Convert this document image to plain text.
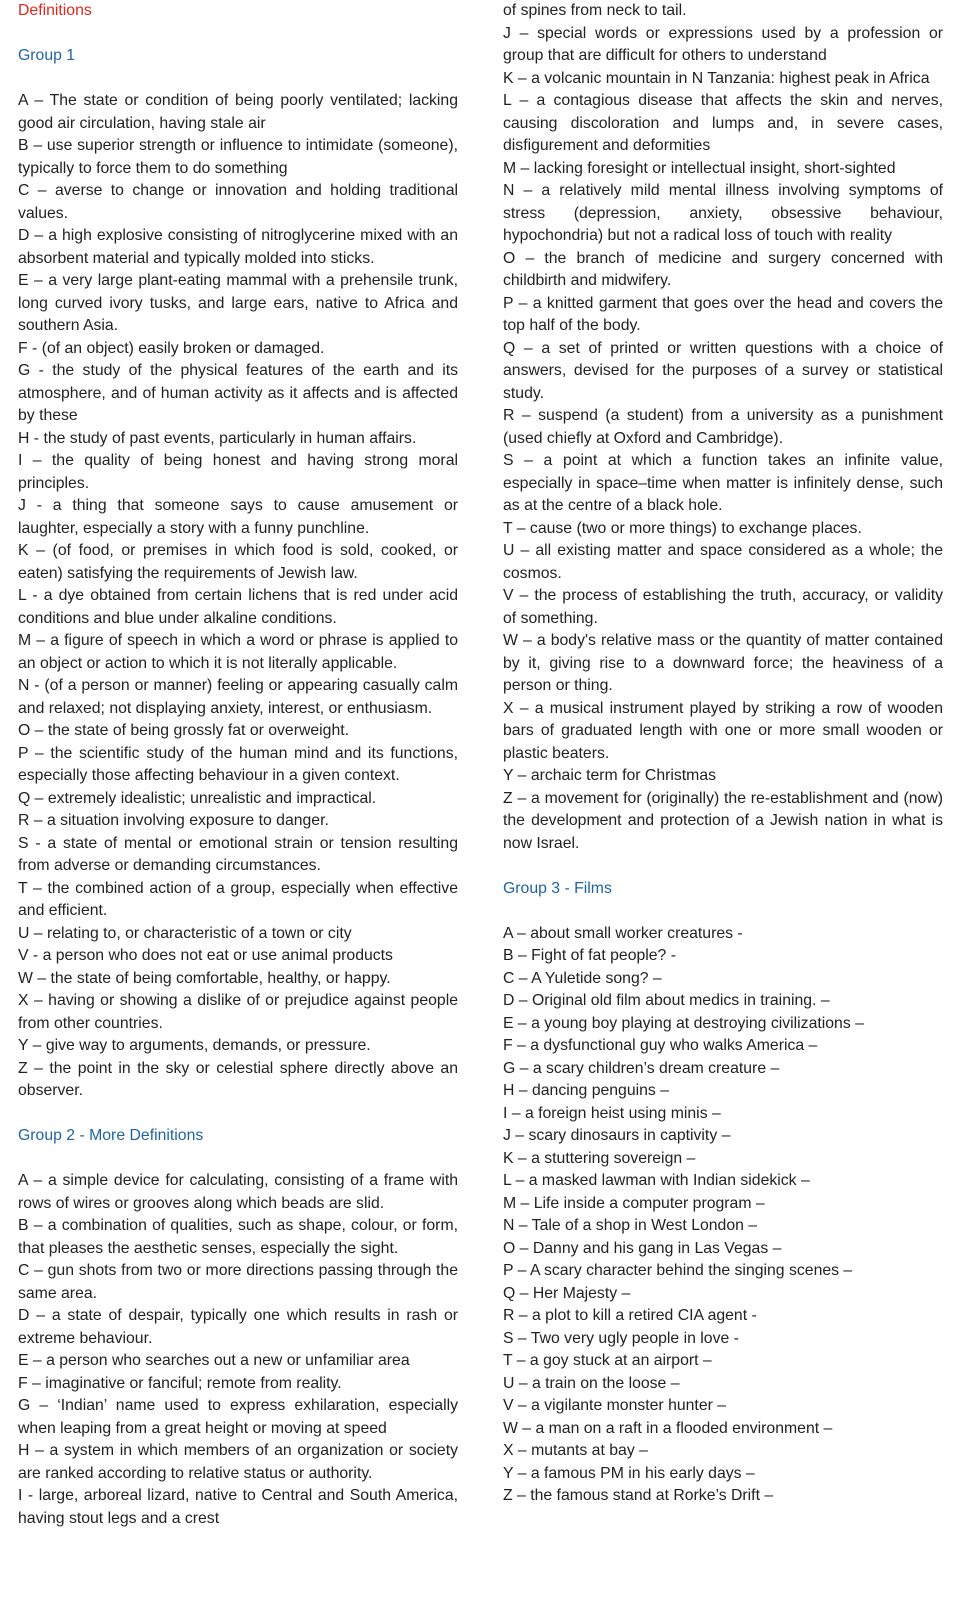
Definitions

Group 1

A – The state or condition of being poorly ventilated; lacking good air circulation, having stale air

B – use superior strength or influence to intimidate (someone), typically to force them to do something

C – averse to change or innovation and holding traditional values.

D – a high explosive consisting of nitroglycerine mixed with an absorbent material and typically molded into sticks.

E – a very large plant-eating mammal with a prehensile trunk, long curved ivory tusks, and large ears, native to Africa and southern Asia.

F - (of an object) easily broken or damaged.

G - the study of the physical features of the earth and its atmosphere, and of human activity as it affects and is affected by these

H - the study of past events, particularly in human affairs.

I – the quality of being honest and having strong moral principles.

J - a thing that someone says to cause amusement or laughter, especially a story with a funny punchline.

K – (of food, or premises in which food is sold, cooked, or eaten) satisfying the requirements of Jewish law.

L - a dye obtained from certain lichens that is red under acid conditions and blue under alkaline conditions.

M – a figure of speech in which a word or phrase is applied to an object or action to which it is not literally applicable.

N - (of a person or manner) feeling or appearing casually calm and relaxed; not displaying anxiety, interest, or enthusiasm.

O – the state of being grossly fat or overweight.

P – the scientific study of the human mind and its functions, especially those affecting behaviour in a given context.

Q – extremely idealistic; unrealistic and impractical.

R – a situation involving exposure to danger.

S - a state of mental or emotional strain or tension resulting from adverse or demanding circumstances.

T – the combined action of a group, especially when effective and efficient.

U – relating to, or characteristic of a town or city

V - a person who does not eat or use animal products

W – the state of being comfortable, healthy, or happy.

X – having or showing a dislike of or prejudice against people from other countries.

Y – give way to arguments, demands, or pressure.

Z – the point in the sky or celestial sphere directly above an observer.

Group 2 - More Definitions

A – a simple device for calculating, consisting of a frame with rows of wires or grooves along which beads are slid.

B – a combination of qualities, such as shape, colour, or form, that pleases the aesthetic senses, especially the sight.

C – gun shots from two or more directions passing through the same area.

D – a state of despair, typically one which results in rash or extreme behaviour.

E – a person who searches out a new or unfamiliar area

F – imaginative or fanciful; remote from reality.

G – ‘Indian’ name used to express exhilaration, especially when leaping from a great height or moving at speed

H – a system in which members of an organization or society are ranked according to relative status or authority.

I - large, arboreal lizard, native to Central and South America, having stout legs and a crest

of spines from neck to tail.

J – special words or expressions used by a profession or group that are difficult for others to understand

K – a volcanic mountain in N Tanzania: highest peak in Africa

L – a contagious disease that affects the skin and nerves, causing discoloration and lumps and, in severe cases, disfigurement and deformities

M – lacking foresight or intellectual insight, short-sighted

N – a relatively mild mental illness involving symptoms of stress (depression, anxiety, obsessive behaviour, hypochondria) but not a radical loss of touch with reality

O – the branch of medicine and surgery concerned with childbirth and midwifery.

P – a knitted garment that goes over the head and covers the top half of the body.

Q – a set of printed or written questions with a choice of answers, devised for the purposes of a survey or statistical study.

R – suspend (a student) from a university as a punishment (used chiefly at Oxford and Cambridge).

S – a point at which a function takes an infinite value, especially in space–time when matter is infinitely dense, such as at the centre of a black hole.

T – cause (two or more things) to exchange places.

U – all existing matter and space considered as a whole; the cosmos.

V – the process of establishing the truth, accuracy, or validity of something.

W – a body's relative mass or the quantity of matter contained by it, giving rise to a downward force; the heaviness of a person or thing.

X – a musical instrument played by striking a row of wooden bars of graduated length with one or more small wooden or plastic beaters.

Y – archaic term for Christmas

Z – a movement for (originally) the re-establishment and (now) the development and protection of a Jewish nation in what is now Israel.

Group 3 - Films

A – about small worker creatures -

B – Fight of fat people? -

C – A Yuletide song? –

D – Original old film about medics in training. –

E – a young boy playing at destroying civilizations –

F – a dysfunctional guy who walks America –

G – a scary children’s dream creature –

H – dancing penguins –

I – a foreign heist using minis –

J – scary dinosaurs in captivity –

K – a stuttering sovereign –

L – a masked lawman with Indian sidekick –

M – Life inside a computer program –

N – Tale of a shop in West London –

O – Danny and his gang in Las Vegas –

P – A scary character behind the singing scenes –

Q – Her Majesty –

R – a plot to kill a retired CIA agent -

S – Two very ugly people in love -

T – a goy stuck at an airport –

U – a train on the loose –

V – a vigilante monster hunter –

W – a man on a raft in a flooded environment –

X – mutants at bay –

Y – a famous PM in his early days –

Z – the famous stand at Rorke’s Drift –
